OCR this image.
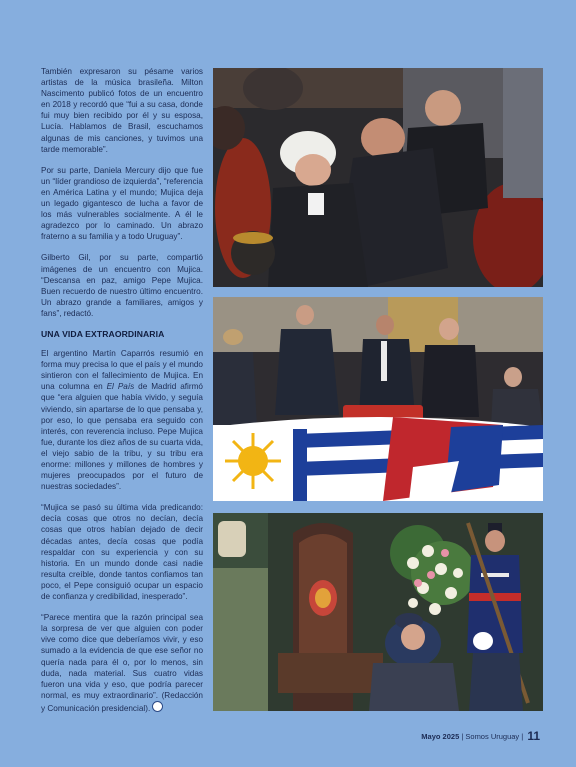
También expresaron su pésame varios artistas de la música brasileña. Milton Nascimento publicó fotos de un encuentro en 2018 y recordó que “fui a su casa, donde fui muy bien recibido por él y su esposa, Lucía. Hablamos de Brasil, escuchamos algunas de mis canciones, y tuvimos una tarde memorable”.

Por su parte, Daniela Mercury dijo que fue un “líder grandioso de izquierda”, “referencia en América Latina y el mundo; Mujica deja un legado gigantesco de lucha a favor de los más vulnerables socialmente. A él le agradezco por lo caminado. Un abrazo fraterno a su familia y a todo Uruguay”.

Gilberto Gil, por su parte, compartió imágenes de un encuentro con Mujica. “Descansa en paz, amigo Pepe Mujica. Buen recuerdo de nuestro último encuentro. Un abrazo grande a familiares, amigos y fans”, redactó.

UNA VIDA EXTRAORDINARIA

El argentino Martín Caparrós resumió en forma muy precisa lo que el país y el mundo sintieron con el fallecimiento de Mujica. En una columna en El País de Madrid afirmó que “era alguien que había vivido, y seguía viviendo, sin apartarse de lo que pensaba y, por eso, lo que pensaba era seguido con interés, con reverencia incluso. Pepe Mujica fue, durante los diez años de su cuarta vida, el viejo sabio de la tribu, y su tribu era enorme: millones y millones de hombres y mujeres preocupados por el futuro de nuestras sociedades”.

“Mujica se pasó su última vida predicando: decía cosas que otros no decían, decía cosas que otros habían dejado de decir décadas antes, decía cosas que podía respaldar con su experiencia y con su historia. En un mundo donde casi nadie resulta creíble, donde tantos confiamos tan poco, el Pepe consiguió ocupar un espacio de confianza y credibilidad, inesperado”.

“Parece mentira que la razón principal sea la sorpresa de ver que alguien con poder vive como dice que deberíamos vivir, y eso sumado a la evidencia de que ese señor no quería nada para él o, por lo menos, sin duda, nada material. Sus cuatro vidas fueron una vida y eso, que podría parecer normal, es muy extraordinario”. (Redacción y Comunicación presidencial).

Mayo 2025 | Somos Uruguay | 11
